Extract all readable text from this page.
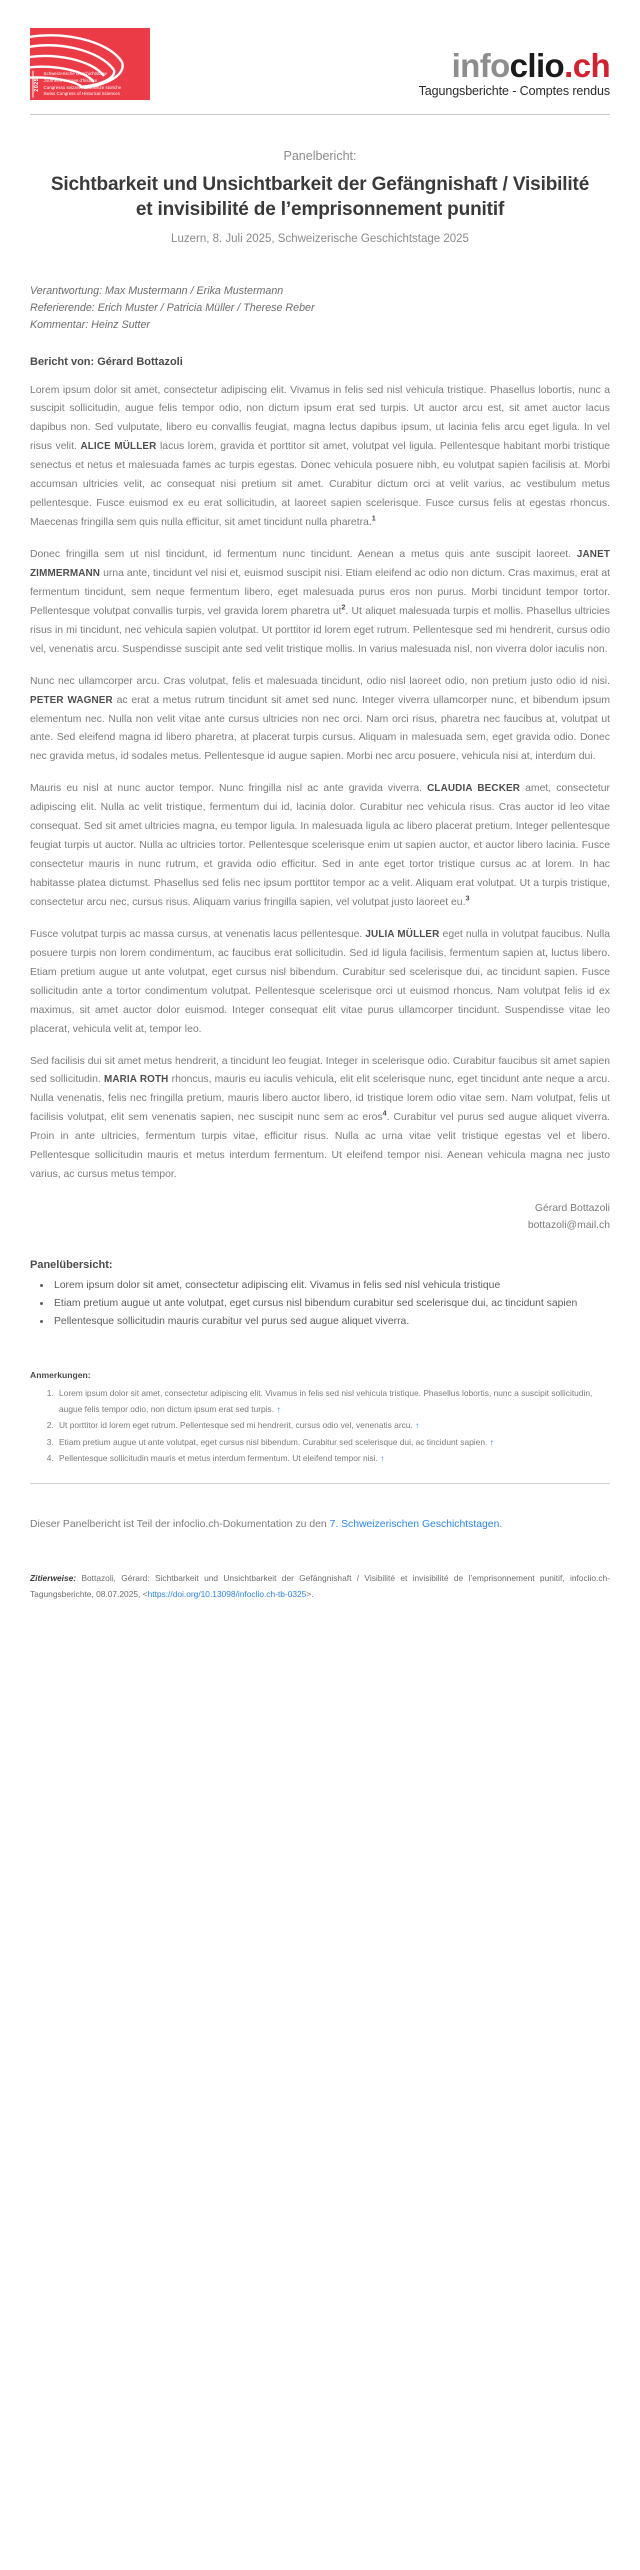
2025
Schweizerische Geschichtstage
Journées suisses d'histoire
Congresso svizzero di scienze storiche
Swiss Congress of Historical Sciences
infoclio.ch
Tagungsberichte - Comptes rendus
Panelbericht:
Sichtbarkeit und Unsichtbarkeit der Gefängnishaft / Visibilité et invisibilité de l’emprisonnement punitif
Luzern, 8. Juli 2025, Schweizerische Geschichtstage 2025
Verantwortung: Max Mustermann / Erika Mustermann
Referierende: Erich Muster / Patricia Müller / Therese Reber
Kommentar: Heinz Sutter
Bericht von: Gérard Bottazoli

Lorem ipsum dolor sit amet, consectetur adipiscing elit. Vivamus in felis sed nisl vehicula tristique. Phasellus lobortis, nunc a suscipit sollicitudin, augue felis tempor odio, non dictum ipsum erat sed turpis. Ut auctor arcu est, sit amet auctor lacus dapibus non. Sed vulputate, libero eu convallis feugiat, magna lectus dapibus ipsum, ut lacinia felis arcu eget ligula. In vel risus velit. ALICE MÜLLER lacus lorem, gravida et porttitor sit amet, volutpat vel ligula. Pellentesque habitant morbi tristique senectus et netus et malesuada fames ac turpis egestas. Donec vehicula posuere nibh, eu volutpat sapien facilisis at. Morbi accumsan ultricies velit, ac consequat nisi pretium sit amet. Curabitur dictum orci at velit varius, ac vestibulum metus pellentesque. Fusce euismod ex eu erat sollicitudin, at laoreet sapien scelerisque. Fusce cursus felis at egestas rhoncus. Maecenas fringilla sem quis nulla efficitur, sit amet tincidunt nulla pharetra.$^1$

Donec fringilla sem ut nisl tincidunt, id fermentum nunc tincidunt. Aenean a metus quis ante suscipit laoreet. JANET ZIMMERMANN urna ante, tincidunt vel nisi et, euismod suscipit nisi. Etiam eleifend ac odio non dictum. Cras maximus, erat at fermentum tincidunt, sem neque fermentum libero, eget malesuada purus eros non purus. Morbi tincidunt tempor tortor. Pellentesque volutpat convallis turpis, vel gravida lorem pharetra ut$^2$. Ut aliquet malesuada turpis et mollis. Phasellus ultricies risus in mi tincidunt, nec vehicula sapien volutpat. Ut porttitor id lorem eget rutrum. Pellentesque sed mi hendrerit, cursus odio vel, venenatis arcu. Suspendisse suscipit ante sed velit tristique mollis. In varius malesuada nisl, non viverra dolor iaculis non.

Nunc nec ullamcorper arcu. Cras volutpat, felis et malesuada tincidunt, odio nisl laoreet odio, non pretium justo odio id nisi. PETER WAGNER ac erat a metus rutrum tincidunt sit amet sed nunc. Integer viverra ullamcorper nunc, et bibendum ipsum elementum nec. Nulla non velit vitae ante cursus ultricies non nec orci. Nam orci risus, pharetra nec faucibus at, volutpat ut ante. Sed eleifend magna id libero pharetra, at placerat turpis cursus. Aliquam in malesuada sem, eget gravida odio. Donec nec gravida metus, id sodales metus. Pellentesque id augue sapien. Morbi nec arcu posuere, vehicula nisi at, interdum dui.

Mauris eu nisl at nunc auctor tempor. Nunc fringilla nisl ac ante gravida viverra. CLAUDIA BECKER amet, consectetur adipiscing elit. Nulla ac velit tristique, fermentum dui id, lacinia dolor. Curabitur nec vehicula risus. Cras auctor id leo vitae consequat. Sed sit amet ultricies magna, eu tempor ligula. In malesuada ligula ac libero placerat pretium. Integer pellentesque feugiat turpis ut auctor. Nulla ac ultricies tortor. Pellentesque scelerisque enim ut sapien auctor, et auctor libero lacinia. Fusce consectetur mauris in nunc rutrum, et gravida odio efficitur. Sed in ante eget tortor tristique cursus ac at lorem. In hac habitasse platea dictumst. Phasellus sed felis nec ipsum porttitor tempor ac a velit. Aliquam erat volutpat. Ut a turpis tristique, consectetur arcu nec, cursus risus. Aliquam varius fringilla sapien, vel volutpat justo laoreet eu.$^3$

Fusce volutpat turpis ac massa cursus, at venenatis lacus pellentesque. JULIA MÜLLER eget nulla in volutpat faucibus. Nulla posuere turpis non lorem condimentum, ac faucibus erat sollicitudin. Sed id ligula facilisis, fermentum sapien at, luctus libero. Etiam pretium augue ut ante volutpat, eget cursus nisl bibendum. Curabitur sed scelerisque dui, ac tincidunt sapien. Fusce sollicitudin ante a tortor condimentum volutpat. Pellentesque scelerisque orci ut euismod rhoncus. Nam volutpat felis id ex maximus, sit amet auctor dolor euismod. Integer consequat elit vitae purus ullamcorper tincidunt. Suspendisse vitae leo placerat, vehicula velit at, tempor leo.

Sed facilisis dui sit amet metus hendrerit, a tincidunt leo feugiat. Integer in scelerisque odio. Curabitur faucibus sit amet sapien sed sollicitudin. MARIA ROTH rhoncus, mauris eu iaculis vehicula, elit elit scelerisque nunc, eget tincidunt ante neque a arcu. Nulla venenatis, felis nec fringilla pretium, mauris libero auctor libero, id tristique lorem odio vitae sem. Nam volutpat, felis ut facilisis volutpat, elit sem venenatis sapien, nec suscipit nunc sem ac eros$^4$. Curabitur vel purus sed augue aliquet viverra. Proin in ante ultricies, fermentum turpis vitae, efficitur risus. Nulla ac urna vitae velit tristique egestas vel et libero. Pellentesque sollicitudin mauris et metus interdum fermentum. Ut eleifend tempor nisi. Aenean vehicula magna nec justo varius, ac cursus metus tempor.

Gérard Bottazoli
bottazoli@mail.ch
Panelübersicht:
• Lorem ipsum dolor sit amet, consectetur adipiscing elit. Vivamus in felis sed nisl vehicula tristique
• Etiam pretium augue ut ante volutpat, eget cursus nisl bibendum curabitur sed scelerisque dui, ac tincidunt sapien
• Pellentesque sollicitudin mauris curabitur vel purus sed augue aliquet viverra.
Anmerkungen:
1. Lorem ipsum dolor sit amet, consectetur adipiscing elit. Vivamus in felis sed nisl vehicula tristique. Phasellus lobortis, nunc a suscipit sollicitudin, augue felis tempor odio, non dictum ipsum erat sed turpis. ↑
2. Ut porttitor id lorem eget rutrum. Pellentesque sed mi hendrerit, cursus odio vel, venenatis arcu. ↑
3. Etiam pretium augue ut ante volutpat, eget cursus nisl bibendum. Curabitur sed scelerisque dui, ac tincidunt sapien. ↑
4. Pellentesque sollicitudin mauris et metus interdum fermentum. Ut eleifend tempor nisi. ↑

Dieser Panelbericht ist Teil der infoclio.ch-Dokumentation zu den 7. Schweizerischen Geschichtstagen.

Zitierweise: Bottazoli, Gérard: Sichtbarkeit und Unsichtbarkeit der Gefängnishaft / Visibilité et invisibilité de l’emprisonnement punitif, infoclio.ch-Tagungsberichte, 08.07.2025, <https://doi.org/10.13098/infoclio.ch-tb-0325>.
